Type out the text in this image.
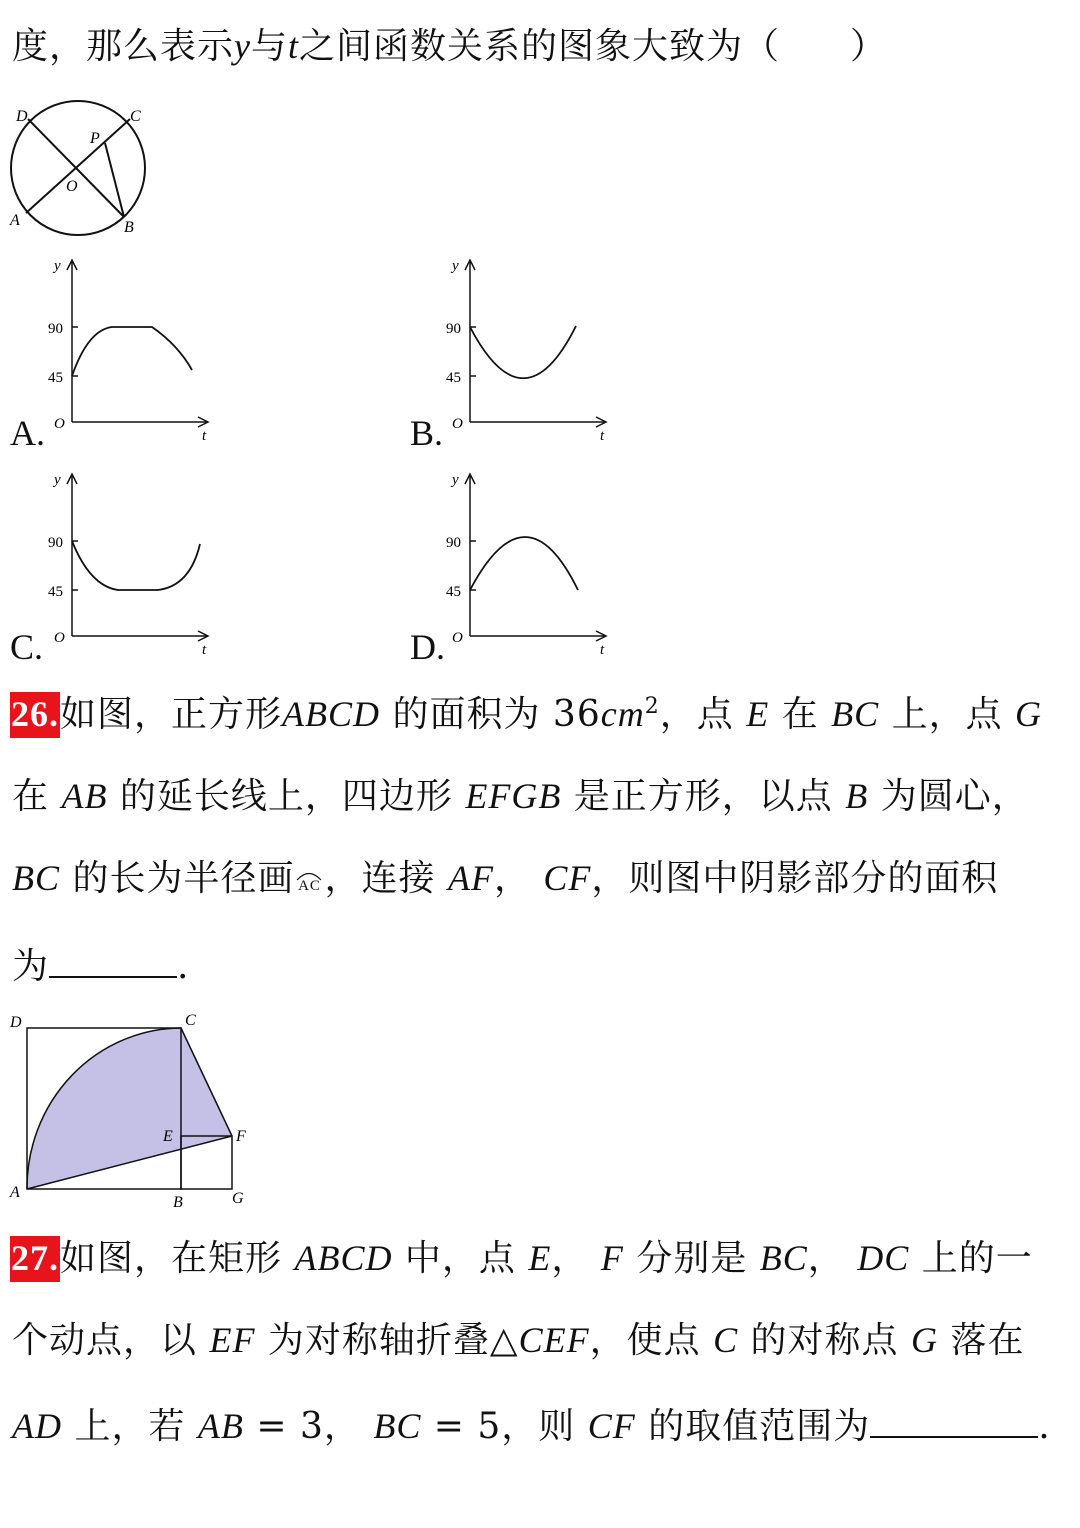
度，那么表示y与t之间函数关系的图象大致为（ ）
D	C
P
O
A	B
A.
y
90
45
O
t	B.
y
90
45
O
t
C.
y
90
45
O
t	D.
y
90
45
O
t
26.如图，正方形ABCD 的面积为 $36cm^2$，点 E 在 BC 上，点 G
在 AB 的延长线上，四边形 EFGB 是正方形，以点 B 为圆心，
BC 的长为半径画 AC，连接 AF， CF，则图中阴影部分的面积
为	.
D	C
E	F
A
B	G
27.如图，在矩形 ABCD 中，点 E， F 分别是 BC， DC 上的一
个动点，以 EF 为对称轴折叠△CEF，使点 C 的对称点 G 落在
AD 上，若 AB = 3， BC = 5，则 CF 的取值范围为	.
